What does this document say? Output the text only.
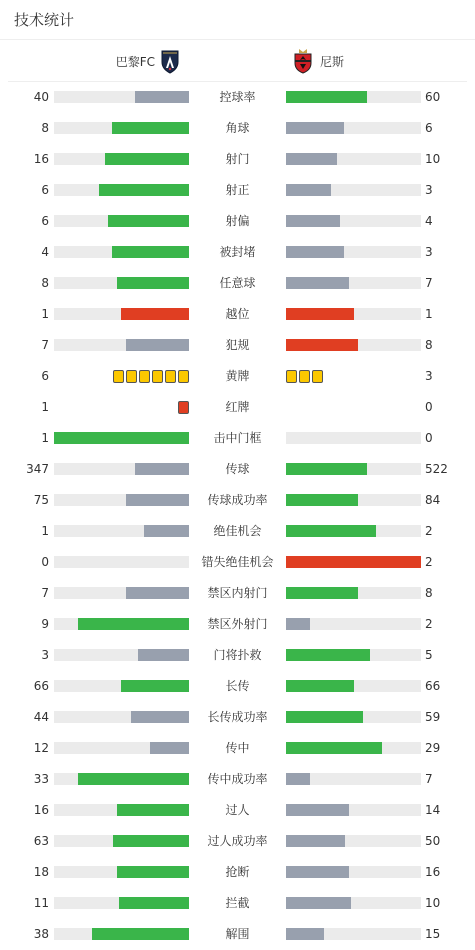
技术统计
巴黎FC	尼斯
40	控球率	60
8	角球	6
16	射门	10
6	射正	3
6	射偏	4
4	被封堵	3
8	任意球	7
1	越位	1
7	犯规	8
6	黄牌	3
1	红牌	0
1	击中门框	0
347	传球	522
75	传球成功率	84
1	绝佳机会	2
0	错失绝佳机会	2
7	禁区内射门	8
9	禁区外射门	2
3	门将扑救	5
66	长传	66
44	长传成功率	59
12	传中	29
33	传中成功率	7
16	过人	14
63	过人成功率	50
18	抢断	16
11	拦截	10
38	解围	15
